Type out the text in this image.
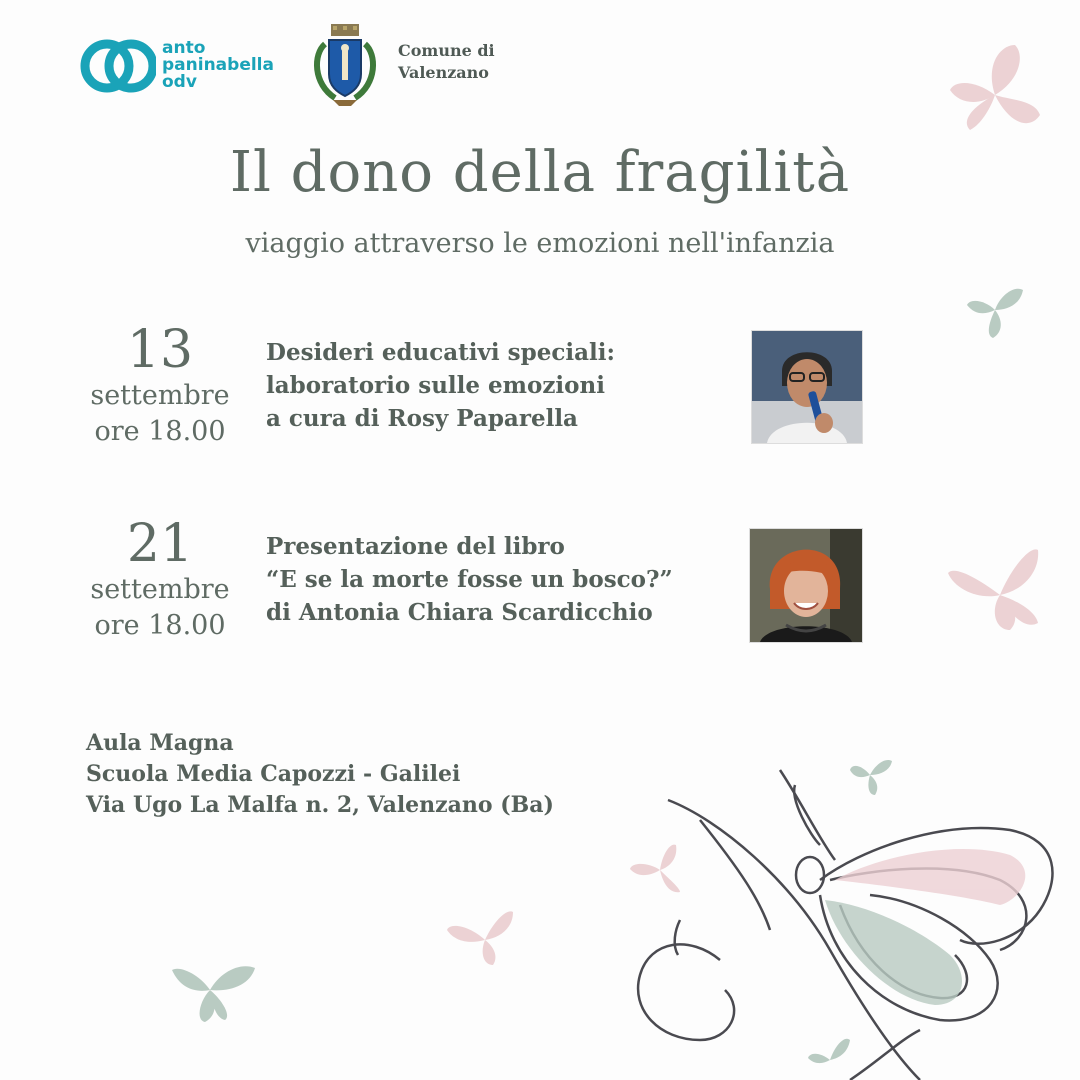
anto
paninabella
odv
Comune di
Valenzano
Il dono della fragilità
viaggio attraverso le emozioni nell'infanzia
13
settembre
ore 18.00
Desideri educativi speciali:
laboratorio sulle emozioni
a cura di Rosy Paparella
21
settembre
ore 18.00
Presentazione del libro
“E se la morte fosse un bosco?”
di Antonia Chiara Scardicchio
Aula Magna
Scuola Media Capozzi - Galilei
Via Ugo La Malfa n. 2, Valenzano (Ba)
